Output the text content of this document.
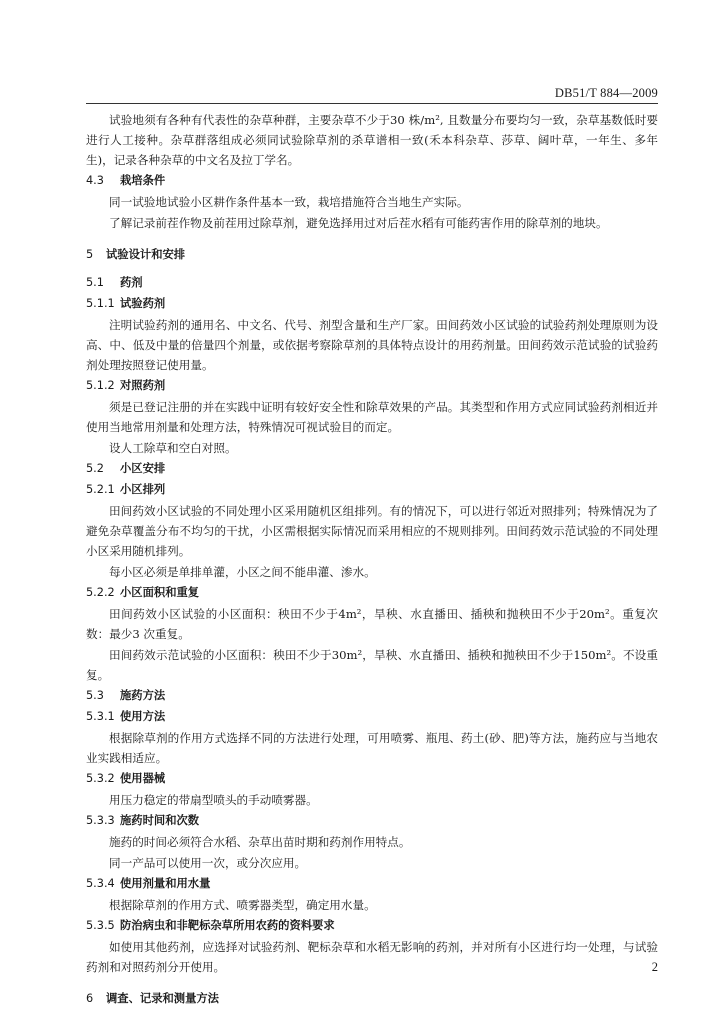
DB51/T 884—2009

试验地须有各种有代表性的杂草种群，主要杂草不少于30 株/m², 且数量分布要均匀一致，杂草基数低时要进行人工接种。杂草群落组成必须同试验除草剂的杀草谱相一致(禾本科杂草、莎草、阔叶草，一年生、多年生)，记录各种杂草的中文名及拉丁学名。

4.3 栽培条件

同一试验地试验小区耕作条件基本一致，栽培措施符合当地生产实际。

了解记录前茬作物及前茬用过除草剂，避免选择用过对后茬水稻有可能药害作用的除草剂的地块。

5 试验设计和安排
5.1 药剂
5.1.1 试验药剂

注明试验药剂的通用名、中文名、代号、剂型含量和生产厂家。田间药效小区试验的试验药剂处理原则为设高、中、低及中量的倍量四个剂量，或依据考察除草剂的具体特点设计的用药剂量。田间药效示范试验的试验药剂处理按照登记使用量。

5.1.2 对照药剂

须是已登记注册的并在实践中证明有较好安全性和除草效果的产品。其类型和作用方式应同试验药剂相近并使用当地常用剂量和处理方法，特殊情况可视试验目的而定。

设人工除草和空白对照。

5.2 小区安排
5.2.1 小区排列

田间药效小区试验的不同处理小区采用随机区组排列。有的情况下，可以进行邻近对照排列；特殊情况为了避免杂草覆盖分布不均匀的干扰，小区需根据实际情况而采用相应的不规则排列。田间药效示范试验的不同处理小区采用随机排列。

每小区必须是单排单灌，小区之间不能串灌、渗水。

5.2.2 小区面积和重复

田间药效小区试验的小区面积：秧田不少于4m²，旱秧、水直播田、插秧和抛秧田不少于20m²。重复次数：最少3 次重复。

田间药效示范试验的小区面积：秧田不少于30m²，旱秧、水直播田、插秧和抛秧田不少于150m²。不设重复。

5.3 施药方法
5.3.1 使用方法

根据除草剂的作用方式选择不同的方法进行处理，可用喷雾、瓶甩、药土(砂、肥)等方法，施药应与当地农业实践相适应。

5.3.2 使用器械

用压力稳定的带扇型喷头的手动喷雾器。

5.3.3 施药时间和次数

施药的时间必须符合水稻、杂草出苗时期和药剂作用特点。

同一产品可以使用一次，或分次应用。

5.3.4 使用剂量和用水量

根据除草剂的作用方式、喷雾器类型，确定用水量。

5.3.5 防治病虫和非靶标杂草所用农药的资料要求

如使用其他药剂，应选择对试验药剂、靶标杂草和水稻无影响的药剂，并对所有小区进行均一处理，与试验药剂和对照药剂分开使用。

6 调查、记录和测量方法
2
